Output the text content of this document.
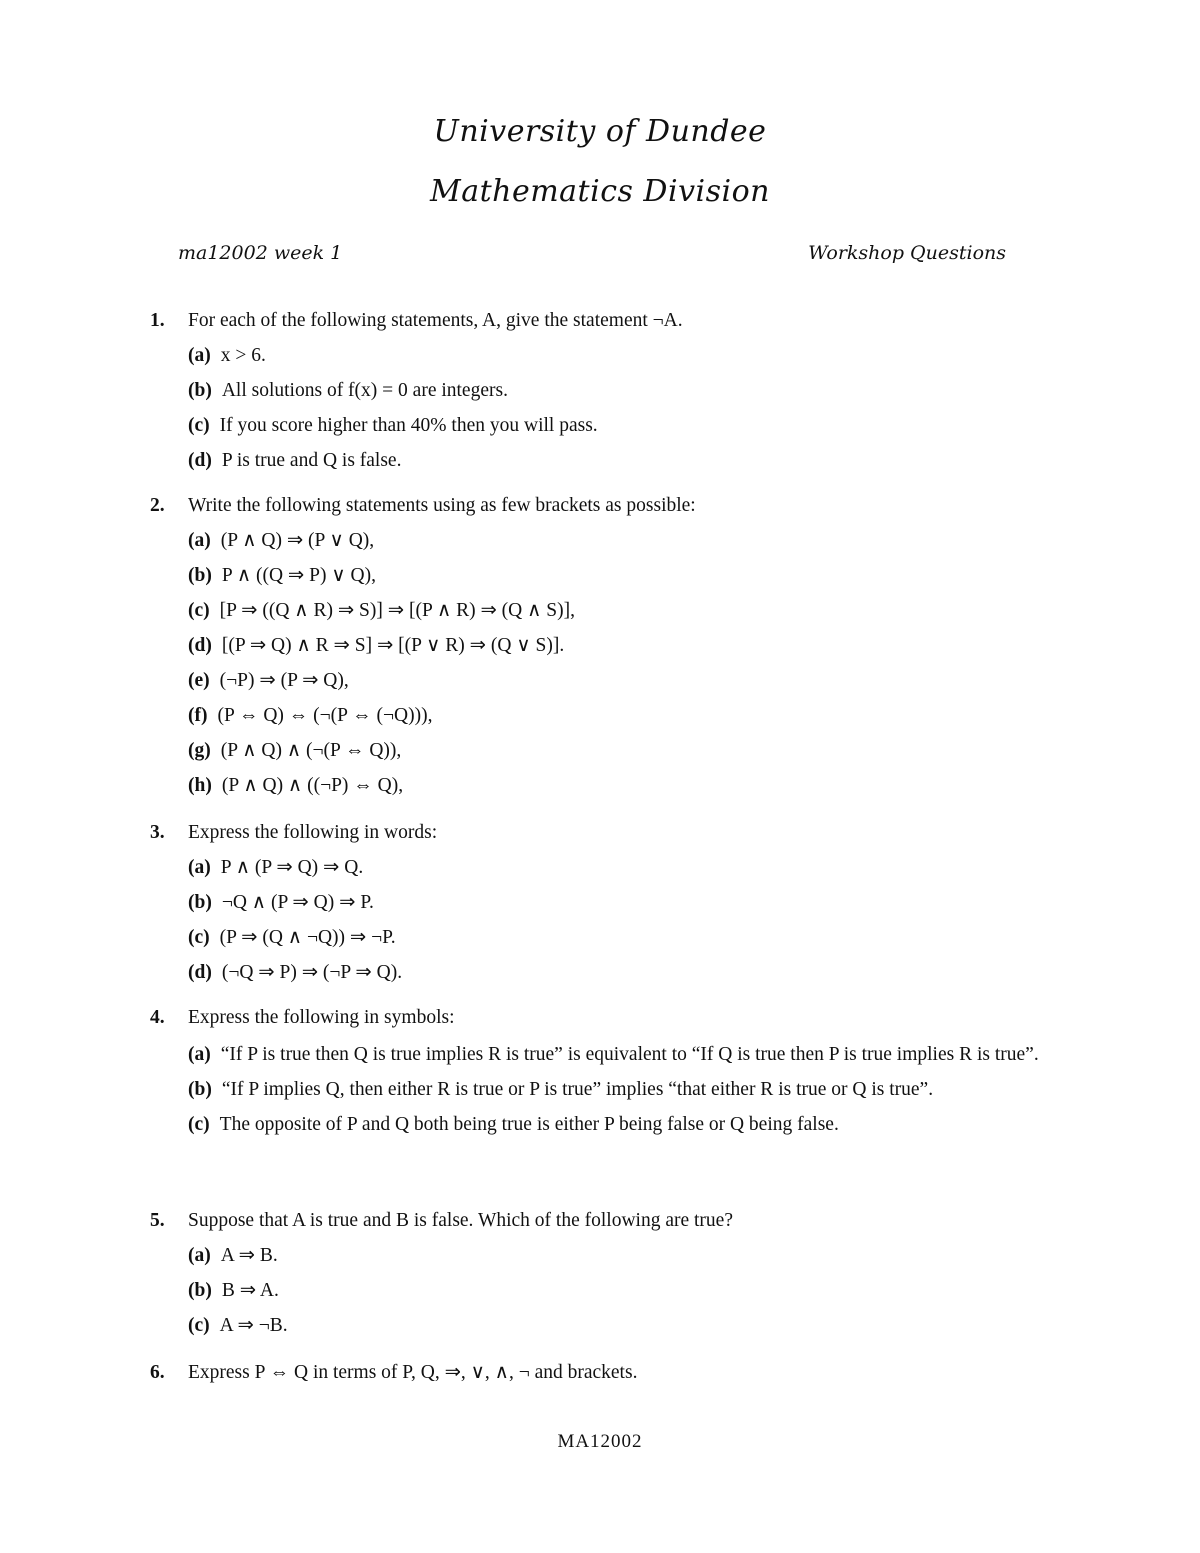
University of Dundee
Mathematics Division
ma12002 week 1	Workshop Questions
1. For each of the following statements, A, give the statement ¬A.
(a) x > 6.
(b) All solutions of f(x) = 0 are integers.
(c) If you score higher than 40% then you will pass.
(d) P is true and Q is false.
2. Write the following statements using as few brackets as possible:
(a) (P ∧ Q) ⇒ (P ∨ Q),
(b) P ∧ ((Q ⇒ P) ∨ Q),
(c) [P ⇒ ((Q ∧ R) ⇒ S)] ⇒ [(P ∧ R) ⇒ (Q ∧ S)],
(d) [(P ⇒ Q) ∧ R ⇒ S] ⇒ [(P ∨ R) ⇒ (Q ∨ S)].
(e) (¬P) ⇒ (P ⇒ Q),
(f) (P ⇔ Q) ⇔ (¬(P ⇔ (¬Q))),
(g) (P ∧ Q) ∧ (¬(P ⇔ Q)),
(h) (P ∧ Q) ∧ ((¬P) ⇔ Q),
3. Express the following in words:
(a) P ∧ (P ⇒ Q) ⇒ Q.
(b) ¬Q ∧ (P ⇒ Q) ⇒ P.
(c) (P ⇒ (Q ∧ ¬Q)) ⇒ ¬P.
(d) (¬Q ⇒ P) ⇒ (¬P ⇒ Q).
4. Express the following in symbols:
(a) “If P is true then Q is true implies R is true” is equivalent to “If Q is true then P is true implies R is true”.
(b) “If P implies Q, then either R is true or P is true” implies “that either R is true or Q is true”.
(c) The opposite of P and Q both being true is either P being false or Q being false.
5. Suppose that A is true and B is false. Which of the following are true?
(a) A ⇒ B.
(b) B ⇒ A.
(c) A ⇒ ¬B.
6. Express P ⇔ Q in terms of P, Q, ⇒, ∨, ∧, ¬ and brackets.
MA12002
